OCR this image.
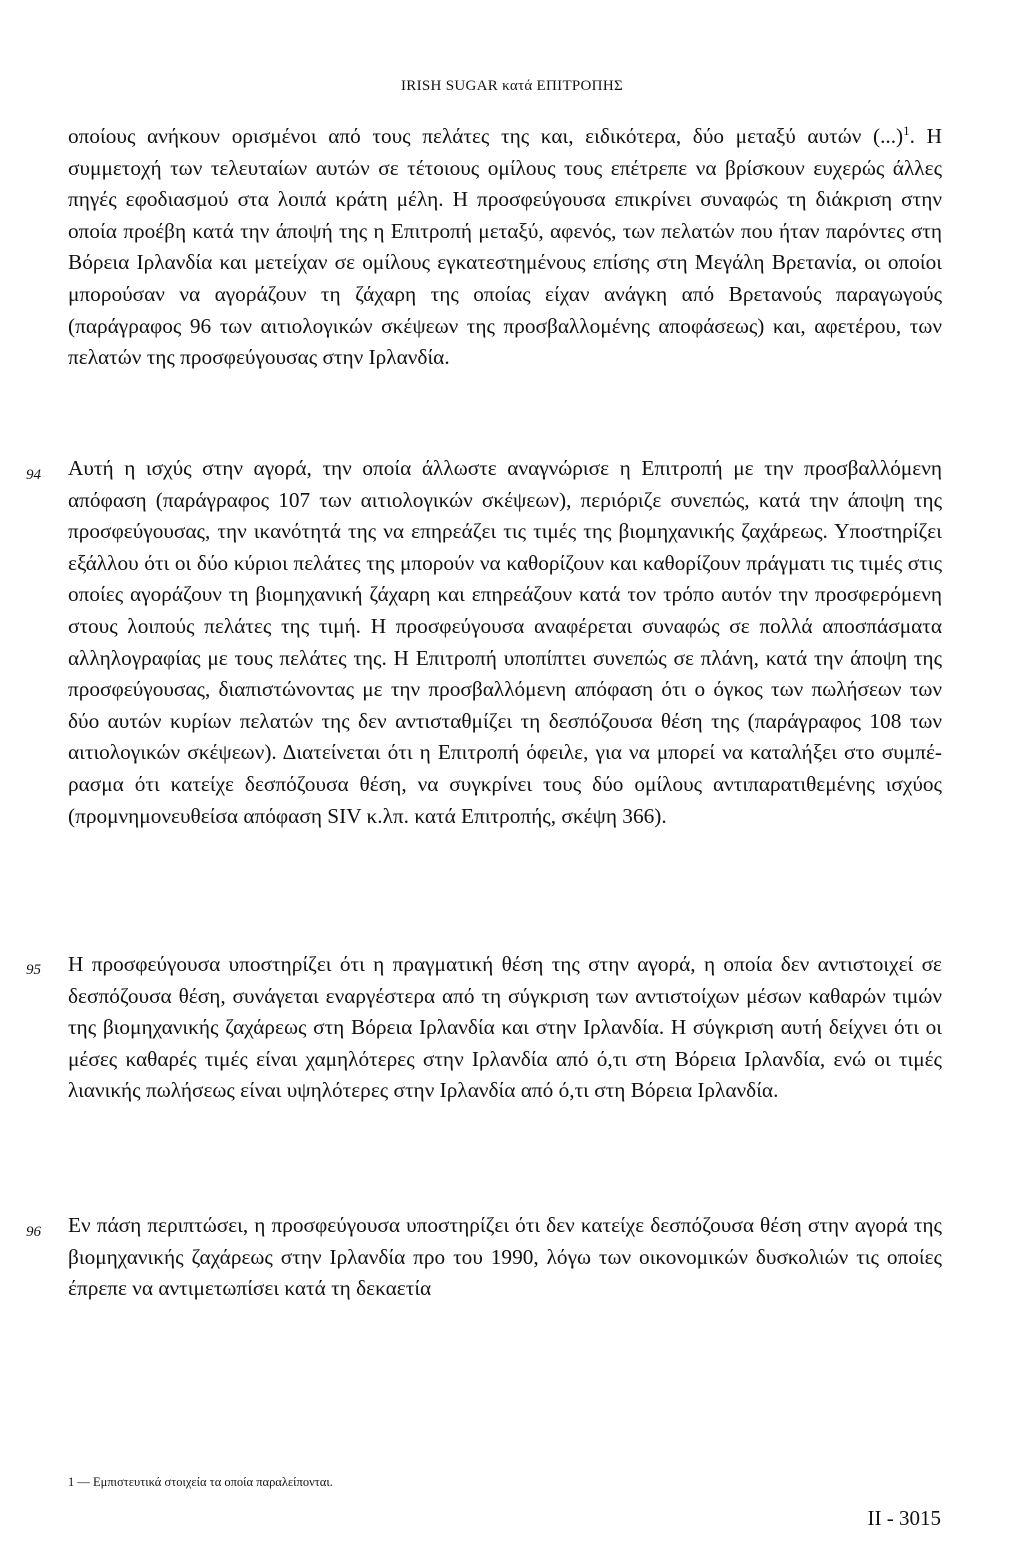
IRISH SUGAR κατά ΕΠΙΤΡΟΠΗΣ
οποίους ανήκουν ορισμένοι από τους πελάτες της και, ειδικότερα, δύο μεταξύ αυτών (...)$^1$. Η συμμετοχή των τελευταίων αυτών σε τέτοιους ομίλους τους επέτρεπε να βρίσκουν ευχερώς άλλες πηγές εφοδιασμού στα λοιπά κράτη μέλη. Η προσφεύγουσα επικρίνει συναφώς τη διάκριση στην οποία προέβη κατά την άποψή της η Επιτροπή μεταξύ, αφενός, των πελατών που ήταν παρόντες στη Βόρεια Ιρλανδία και μετείχαν σε ομίλους εγκατεστημένους επίσης στη Μεγάλη Βρετανία, οι οποίοι μπορούσαν να αγοράζουν τη ζάχαρη της οποίας είχαν ανάγκη από Βρετανούς παραγωγούς (παράγραφος 96 των αιτιολογικών σκέψεων της προσβαλλομένης αποφάσεως) και, αφετέρου, των πελατών της προσφεύγουσας στην Ιρλανδία.
94 Αυτή η ισχύς στην αγορά, την οποία άλλωστε αναγνώρισε η Επιτροπή με την προσβαλλόμενη απόφαση (παράγραφος 107 των αιτιολογικών σκέψεων), περιόριζε συνεπώς, κατά την άποψη της προσφεύγουσας, την ικανότητά της να επηρεάζει τις τιμές της βιομηχανικής ζαχάρεως. Υποστηρίζει εξάλλου ότι οι δύο κύριοι πελάτες της μπορούν να καθορίζουν και καθορίζουν πράγματι τις τιμές στις οποίες αγοράζουν τη βιομηχανική ζάχαρη και επηρεάζουν κατά τον τρόπο αυτόν την προσφερόμενη στους λοιπούς πελάτες της τιμή. Η προσφεύγουσα αναφέρεται συναφώς σε πολλά αποσπάσματα αλληλογραφίας με τους πελάτες της. Η Επιτροπή υποπίπτει συνεπώς σε πλάνη, κατά την άποψη της προσφεύγουσας, διαπιστώνοντας με την προσβαλλόμενη απόφαση ότι ο όγκος των πωλήσεων των δύο αυτών κυρίων πελατών της δεν αντισταθμίζει τη δεσπόζουσα θέση της (παράγραφος 108 των αιτιολογικών σκέψεων). Διατείνεται ότι η Επιτροπή όφειλε, για να μπορεί να καταλήξει στο συμπέρασμα ότι κατείχε δεσπόζουσα θέση, να συγκρίνει τους δύο ομίλους αντιπαρατιθεμένης ισχύος (προμνημονευθείσα απόφαση SIV κ.λπ. κατά Επιτροπής, σκέψη 366).
95 Η προσφεύγουσα υποστηρίζει ότι η πραγματική θέση της στην αγορά, η οποία δεν αντιστοιχεί σε δεσπόζουσα θέση, συνάγεται εναργέστερα από τη σύγκριση των αντιστοίχων μέσων καθαρών τιμών της βιομηχανικής ζαχάρεως στη Βόρεια Ιρλανδία και στην Ιρλανδία. Η σύγκριση αυτή δείχνει ότι οι μέσες καθαρές τιμές είναι χαμηλότερες στην Ιρλανδία από ό,τι στη Βόρεια Ιρλανδία, ενώ οι τιμές λιανικής πωλήσεως είναι υψηλότερες στην Ιρλανδία από ό,τι στη Βόρεια Ιρλανδία.
96 Εν πάση περιπτώσει, η προσφεύγουσα υποστηρίζει ότι δεν κατείχε δεσπόζουσα θέση στην αγορά της βιομηχανικής ζαχάρεως στην Ιρλανδία προ του 1990, λόγω των οικονομικών δυσκολιών τις οποίες έπρεπε να αντιμετωπίσει κατά τη δεκαετία
1 — Εμπιστευτικά στοιχεία τα οποία παραλείπονται.
II - 3015
